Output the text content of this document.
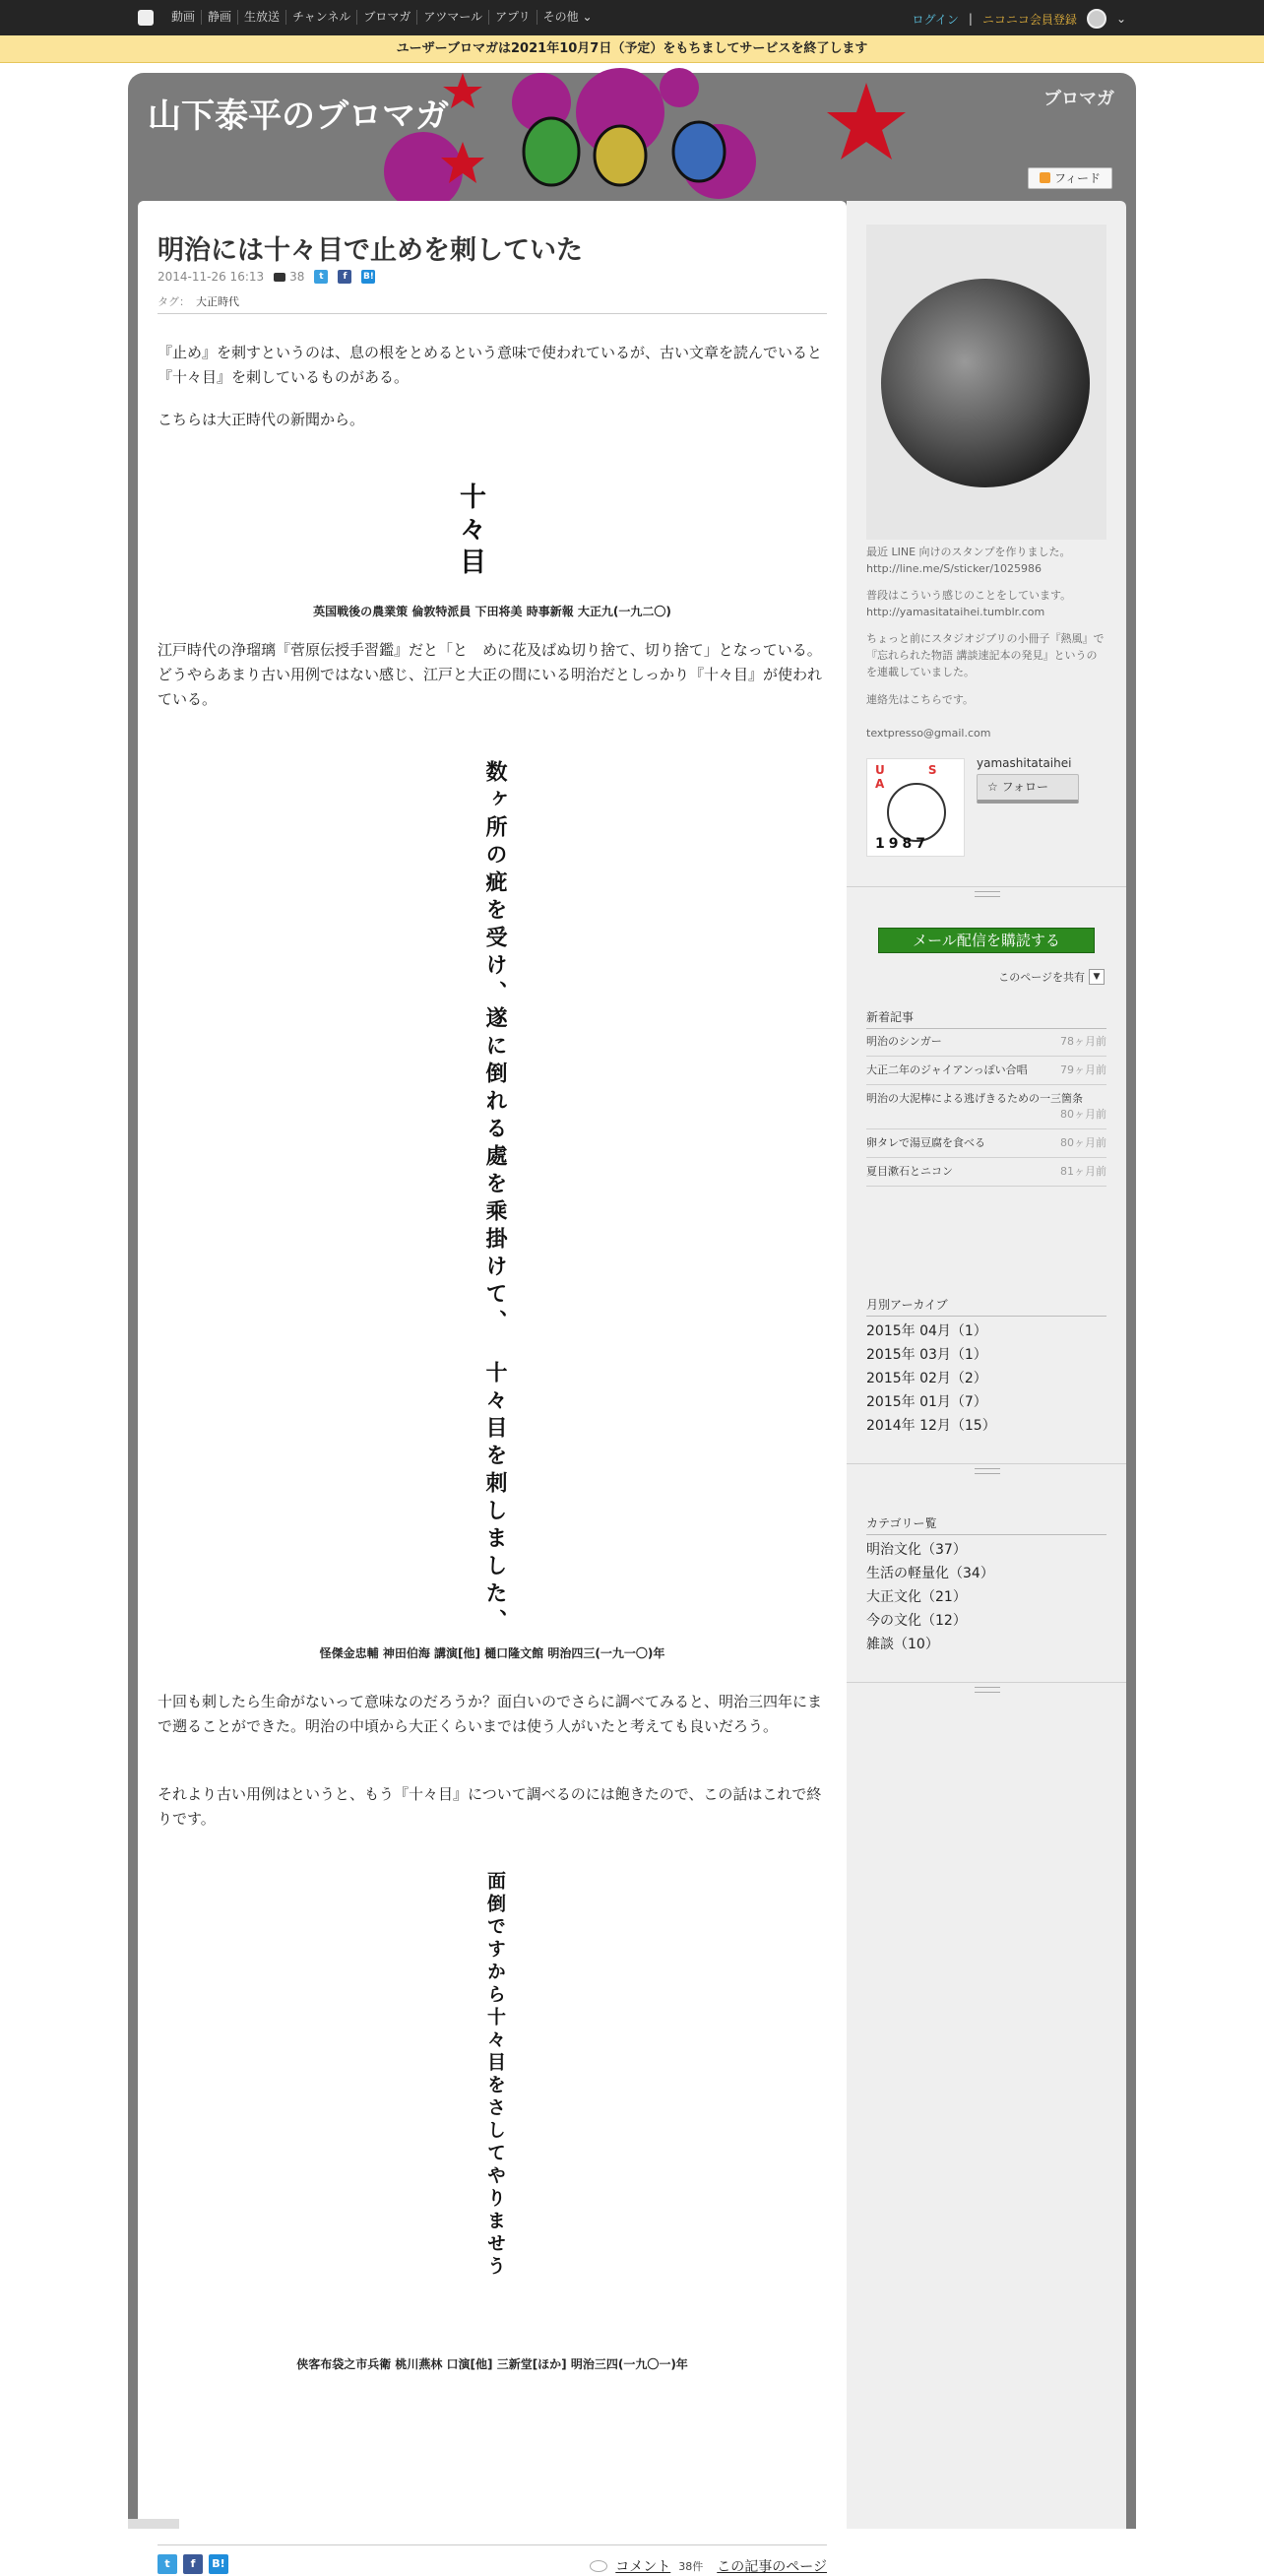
動画	静画	生放送	チャンネル	ブロマガ	アツマール	アプリ	その他 ⌄	ログイン | ニコニコ会員登録	⌄
ユーザーブロマガは2021年10月7日（予定）をもちましてサービスを終了します
山下泰平のブロマガ	ブロマガ
フィード
明治には十々目で止めを刺していた
2014-11-26 16:13 38	t	f	B!
タグ： 大正時代

『止め』を刺すというのは、息の根をとめるという意味で使われているが、古い文章を読んでいると『十々目』を刺しているものがある。

こちらは大正時代の新聞から。

十々目
英国戦後の農業策 倫敦特派員 下田将美 時事新報 大正九(一九二〇)

江戸時代の浄瑠璃『菅原伝授手習鑑』だと「と　めに花及ばぬ切り捨て、切り捨て」となっている。どうやらあまり古い用例ではない感じ、江戸と大正の間にいる明治だとしっかり『十々目』が使われている。

数ヶ所の疵を受け、
遂に倒れる處を乘掛けて、
十々目を刺しました、
怪傑金忠輔 神田伯海 講演[他] 樋口隆文館 明治四三(一九一〇)年

十回も刺したら生命がないって意味なのだろうか？面白いのでさらに調べてみると、明治三四年にまで遡ることができた。明治の中頃から大正くらいまでは使う人がいたと考えても良いだろう。

それより古い用例はというと、もう『十々目』について調べるのには飽きたので、この話はこれで終りです。

面倒ですから十々目をさしてやりませう
侠客布袋之市兵衛 桃川燕林 口演[他] 三新堂[ほか] 明治三四(一九〇一)年
t	f	B!	コメント 38件 この記事のページ
最近 LINE 向けのスタンプを作りました。http://line.me/S/sticker/1025986
普段はこういう感じのことをしています。http://yamasitataihei.tumblr.com
ちょっと前にスタジオジブリの小冊子『熱風』で『忘れられた物語 講談速記本の発見』というのを連載していました。
連絡先はこちらです。
textpresso@gmail.com
U S A
1987
yamashitataihei
☆ フォロー
メール配信を購読する
このページを共有 ▼
新着記事
明治のシンガー	78ヶ月前
大正二年のジャイアンっぽい合唱	79ヶ月前
明治の大泥棒による逃げきるための一三箇条
80ヶ月前
卵タレで湯豆腐を食べる	80ヶ月前
夏目漱石とニコン	81ヶ月前
月別アーカイブ
2015年 04月（1）
2015年 03月（1）
2015年 02月（2）
2015年 01月（7）
2014年 12月（15）
カテゴリー覧
明治文化（37）
生活の軽量化（34）
大正文化（21）
今の文化（12）
雑談（10）
